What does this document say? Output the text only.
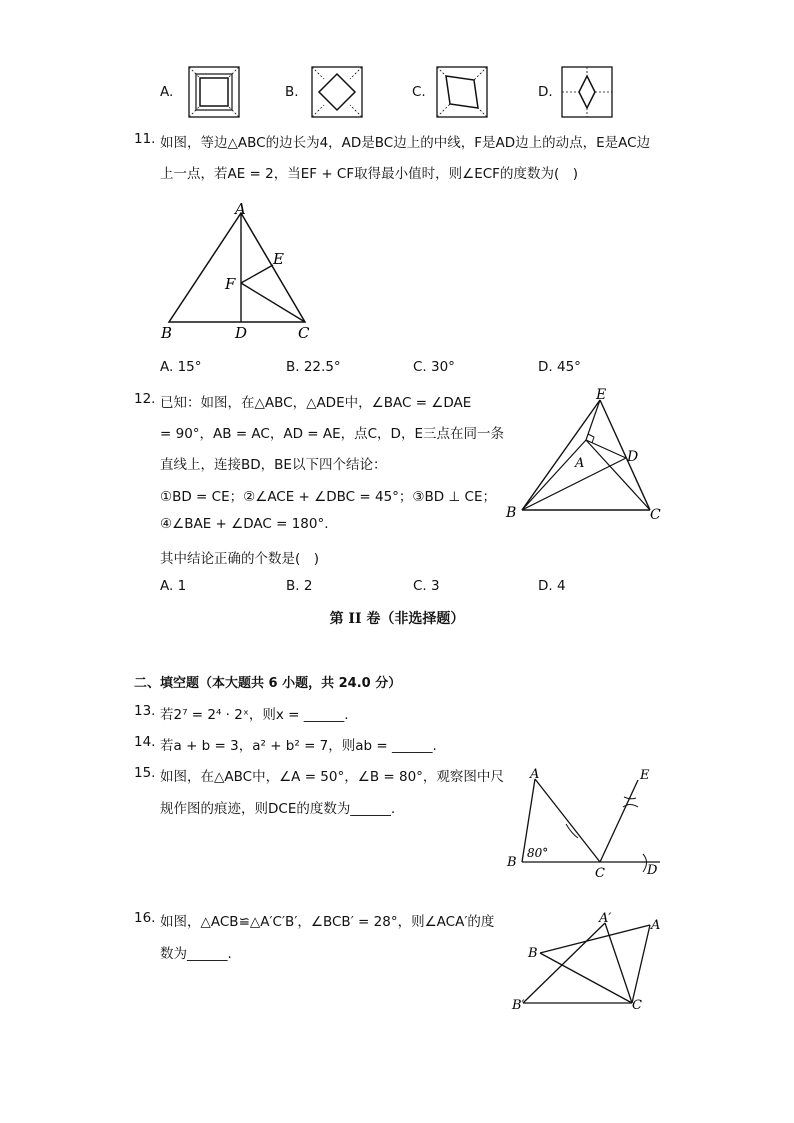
A.	B.	C.	D.
11. 如图，等边△ABC的边长为4，AD是BC边上的中线，F是AD边上的动点，E是AC边
上一点，若AE = 2，当EF + CF取得最小值时，则∠ECF的度数为(　)
A
E
F
B	D	C
A. 15°	B. 22.5°	C. 30°	D. 45°
12. 已知：如图，在△ABC，△ADE中，∠BAC = ∠DAE
= 90°，AB = AC，AD = AE，点C，D，E三点在同一条
直线上，连接BD，BE以下四个结论：
①BD = CE；②∠ACE + ∠DBC = 45°；③BD ⊥ CE；
④∠BAE + ∠DAC = 180°.
其中结论正确的个数是(　)
E
D
A
B	C
A. 1	B. 2	C. 3	D. 4
第 II 卷（非选择题）
二、填空题（本大题共 6 小题，共 24.0 分）
13. 若2⁷ = 2⁴ · 2ˣ，则x = ______.
14. 若a + b = 3，a² + b² = 7，则ab = ______.
15. 如图，在△ABC中，∠A = 50°，∠B = 80°，观察图中尺
规作图的痕迹，则DCE的度数为______.
A	E
B
80°
C	D
16. 如图，△ACB≌△A′C′B′，∠BCB′ = 28°，则∠ACA′的度
数为______.
A′	A
B
B′	C
